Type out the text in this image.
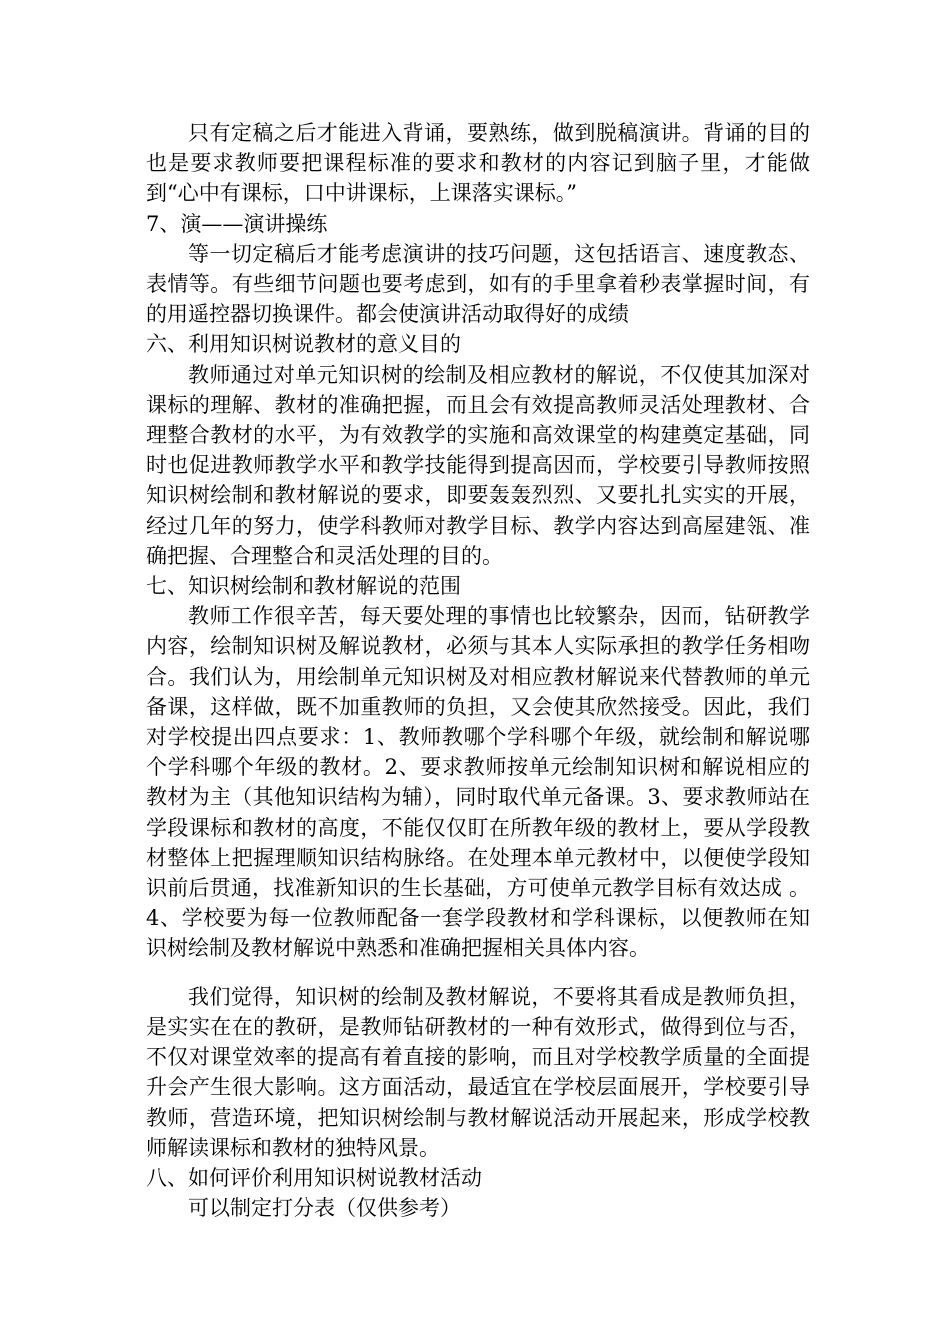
只有定稿之后才能进入背诵，要熟练，做到脱稿演讲。背诵的目的也是要求教师要把课程标准的要求和教材的内容记到脑子里，才能做到“心中有课标，口中讲课标，上课落实课标。”

7、演——演讲操练

等一切定稿后才能考虑演讲的技巧问题，这包括语言、速度教态、表情等。有些细节问题也要考虑到，如有的手里拿着秒表掌握时间，有的用遥控器切换课件。都会使演讲活动取得好的成绩

六、利用知识树说教材的意义目的

教师通过对单元知识树的绘制及相应教材的解说，不仅使其加深对课标的理解、教材的准确把握，而且会有效提高教师灵活处理教材、合理整合教材的水平，为有效教学的实施和高效课堂的构建奠定基础，同时也促进教师教学水平和教学技能得到提高因而，学校要引导教师按照知识树绘制和教材解说的要求，即要轰轰烈烈、又要扎扎实实的开展，经过几年的努力，使学科教师对教学目标、教学内容达到高屋建瓴、准确把握、合理整合和灵活处理的目的。

七、知识树绘制和教材解说的范围

教师工作很辛苦，每天要处理的事情也比较繁杂，因而，钻研教学内容，绘制知识树及解说教材，必须与其本人实际承担的教学任务相吻合。我们认为，用绘制单元知识树及对相应教材解说来代替教师的单元备课，这样做，既不加重教师的负担，又会使其欣然接受。因此，我们对学校提出四点要求：1、教师教哪个学科哪个年级，就绘制和解说哪个学科哪个年级的教材。2、要求教师按单元绘制知识树和解说相应的教材为主（其他知识结构为辅），同时取代单元备课。3、要求教师站在学段课标和教材的高度，不能仅仅盯在所教年级的教材上，要从学段教材整体上把握理顺知识结构脉络。在处理本单元教材中，以便使学段知识前后贯通，找准新知识的生长基础，方可使单元教学目标有效达成 。4、学校要为每一位教师配备一套学段教材和学科课标，以便教师在知识树绘制及教材解说中熟悉和准确把握相关具体内容。

我们觉得，知识树的绘制及教材解说，不要将其看成是教师负担，是实实在在的教研，是教师钻研教材的一种有效形式，做得到位与否，不仅对课堂效率的提高有着直接的影响，而且对学校教学质量的全面提升会产生很大影响。这方面活动，最适宜在学校层面展开，学校要引导教师，营造环境，把知识树绘制与教材解说活动开展起来，形成学校教师解读课标和教材的独特风景。

八、如何评价利用知识树说教材活动

可以制定打分表（仅供参考）
